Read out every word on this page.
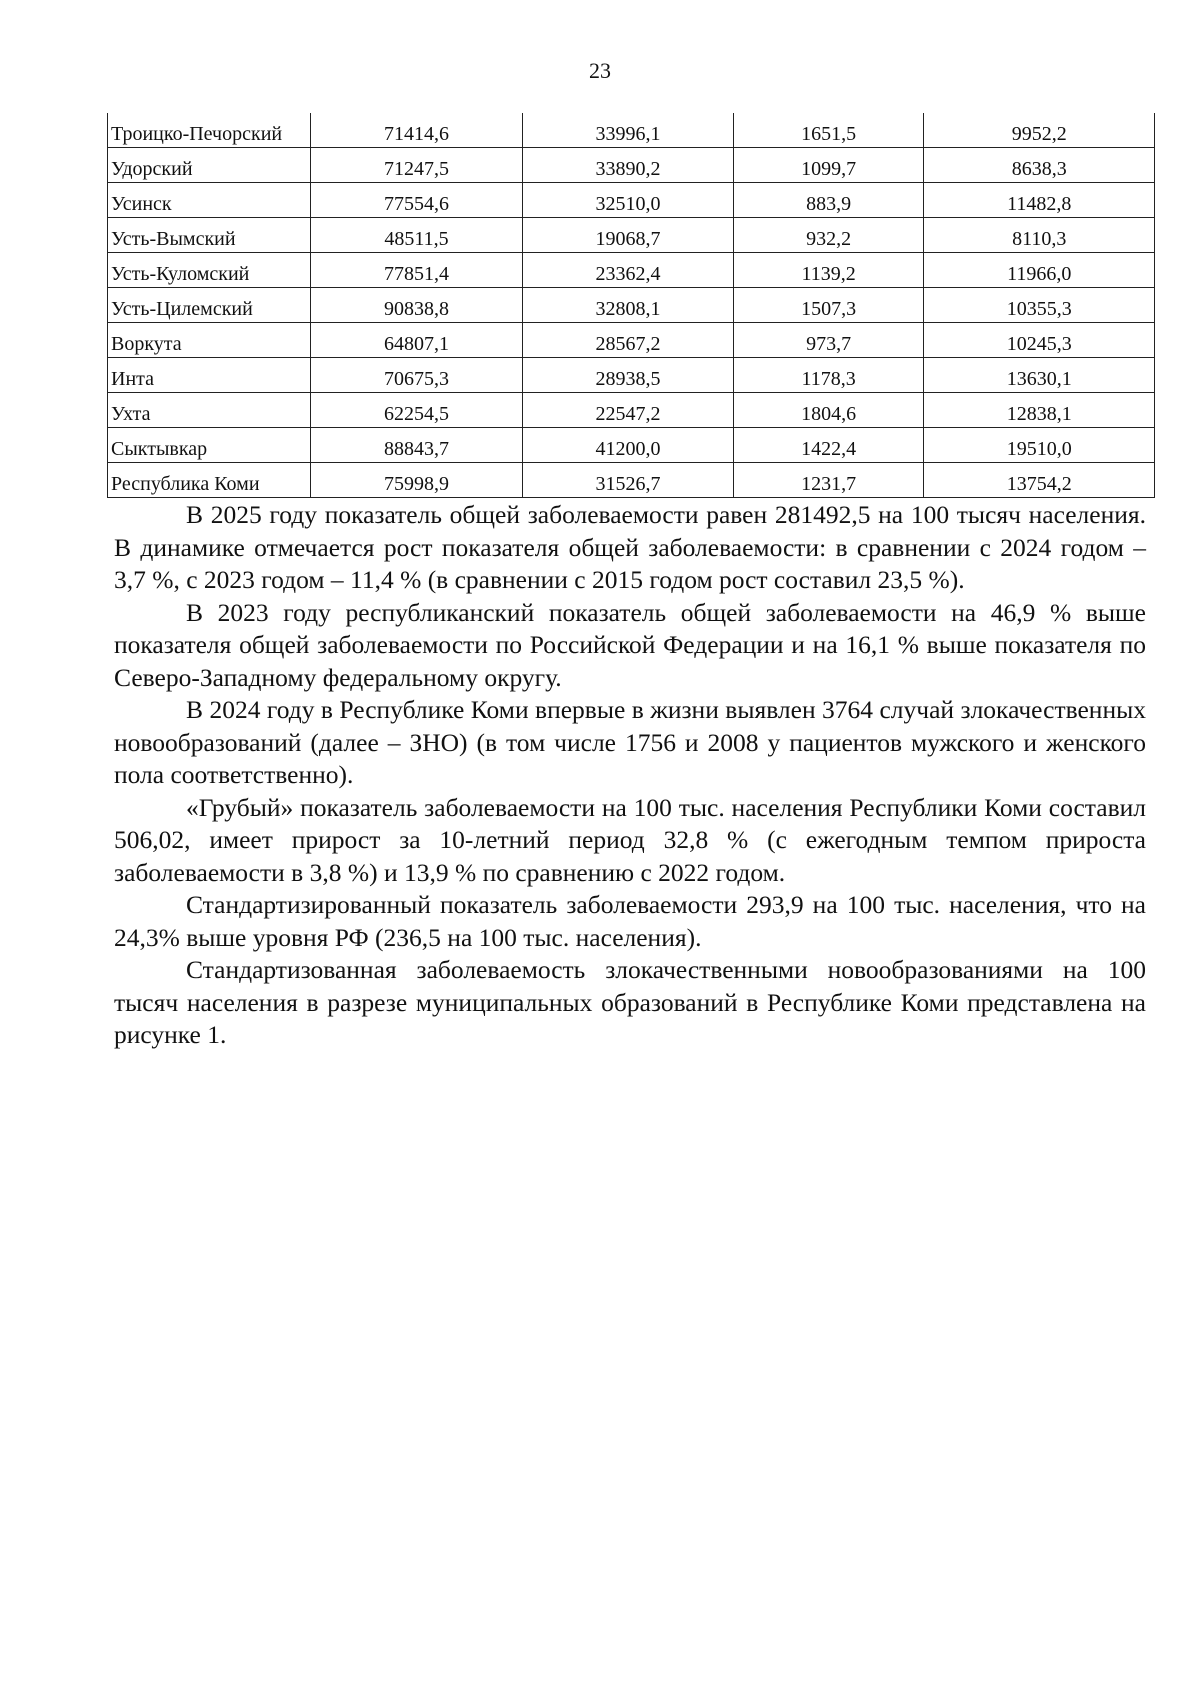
23
Троицко-Печорский	71414,6	33996,1	1651,5	9952,2
Удорский	71247,5	33890,2	1099,7	8638,3
Усинск	77554,6	32510,0	883,9	11482,8
Усть-Вымский	48511,5	19068,7	932,2	8110,3
Усть-Куломский	77851,4	23362,4	1139,2	11966,0
Усть-Цилемский	90838,8	32808,1	1507,3	10355,3
Воркута	64807,1	28567,2	973,7	10245,3
Инта	70675,3	28938,5	1178,3	13630,1
Ухта	62254,5	22547,2	1804,6	12838,1
Сыктывкар	88843,7	41200,0	1422,4	19510,0
Республика Коми	75998,9	31526,7	1231,7	13754,2

В 2025 году показатель общей заболеваемости равен 281492,5 на 100 тысяч населения. В динамике отмечается рост показателя общей заболеваемости: в сравнении с 2024 годом – 3,7 %, с 2023 годом – 11,4 % (в сравнении с 2015 годом рост составил 23,5 %).

В 2023 году республиканский показатель общей заболеваемости на 46,9 % выше показателя общей заболеваемости по Российской Федерации и на 16,1 % выше показателя по Северо-Западному федеральному округу.

В 2024 году в Республике Коми впервые в жизни выявлен 3764 случай злокачественных новообразований (далее – ЗНО) (в том числе 1756 и 2008 у пациентов мужского и женского пола соответственно).

«Грубый» показатель заболеваемости на 100 тыс. населения Республики Коми составил 506,02, имеет прирост за 10-летний период 32,8 % (с ежегодным темпом прироста заболеваемости в 3,8 %) и 13,9 % по сравнению с 2022 годом.

Стандартизированный показатель заболеваемости 293,9 на 100 тыс. населения, что на 24,3% выше уровня РФ (236,5 на 100 тыс. населения).

Стандартизованная заболеваемость злокачественными новообразованиями на 100 тысяч населения в разрезе муниципальных образований в Республике Коми представлена на рисунке 1.
